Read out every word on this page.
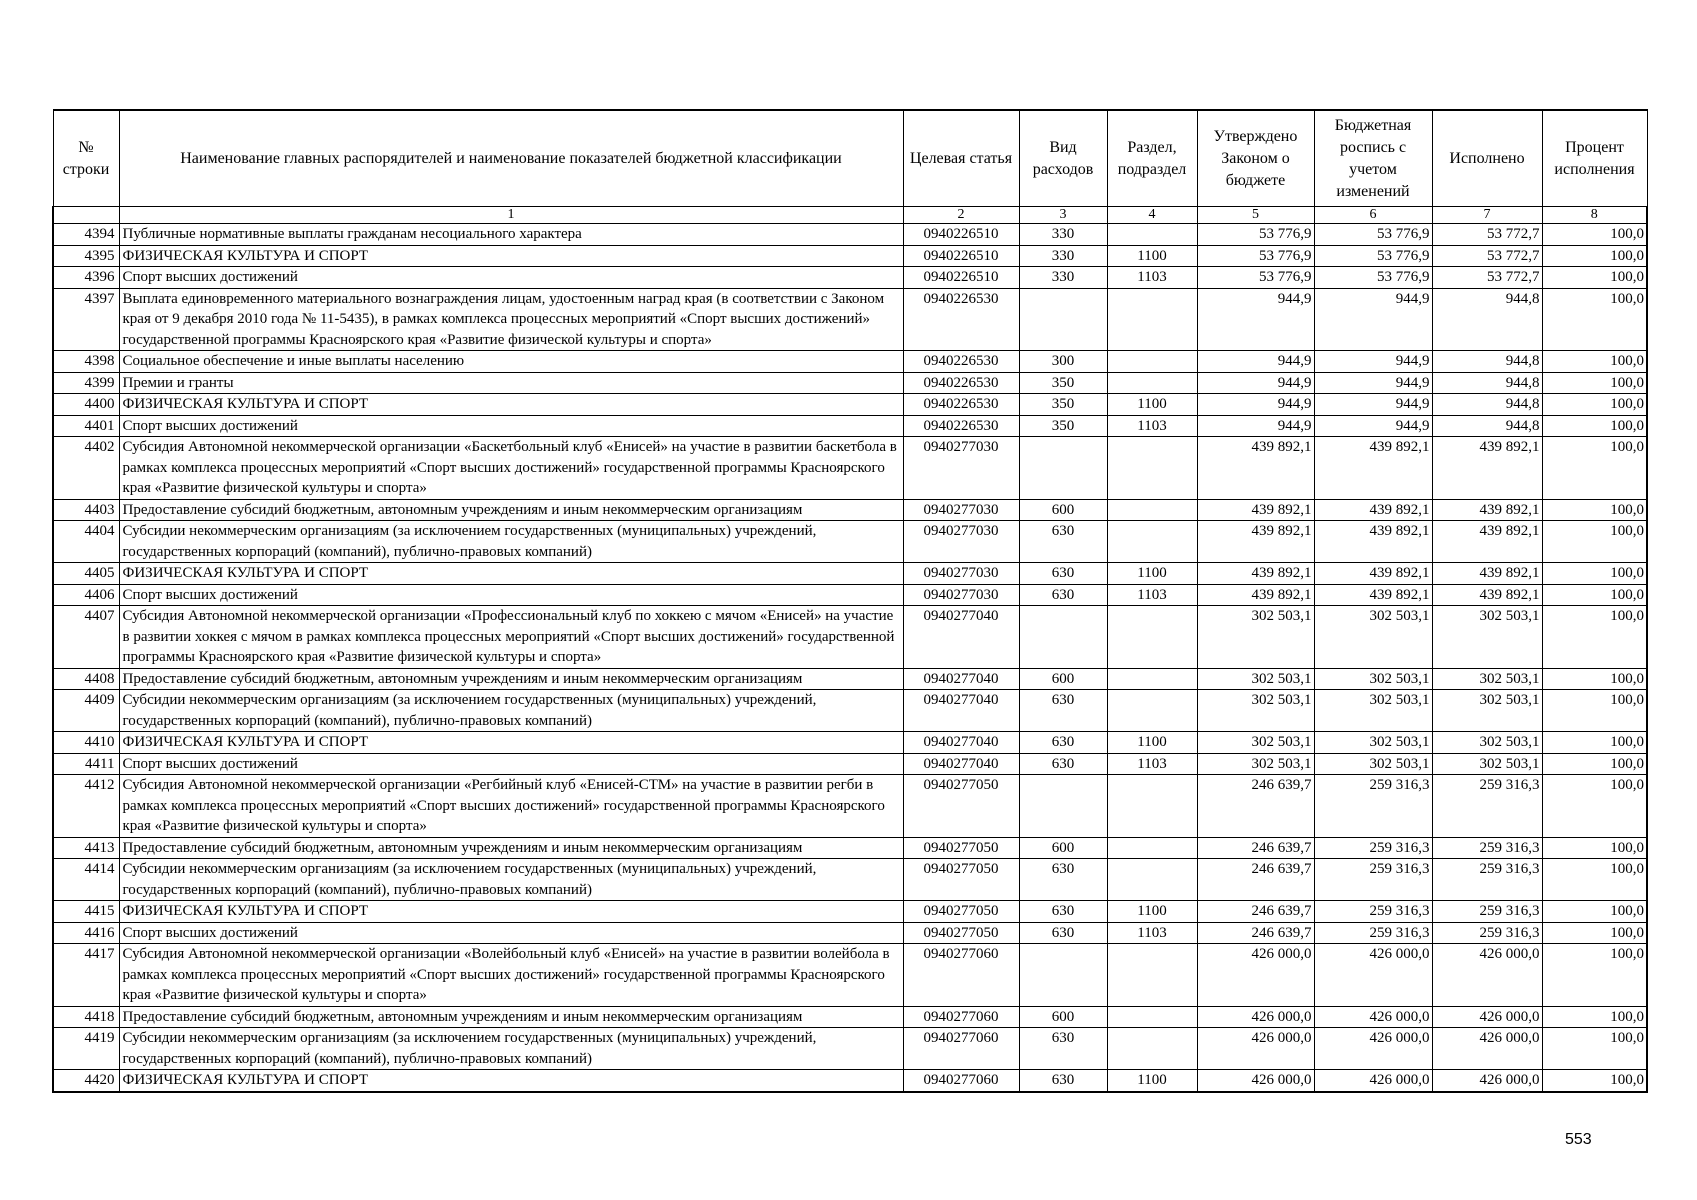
№ строки	Наименование главных распорядителей и наименование показателей бюджетной классификации	Целевая статья	Вид расходов	Раздел, подраздел	Утверждено Законом о бюджете	Бюджетная роспись с учетом изменений	Исполнено	Процент исполнения
	1	2	3	4	5	6	7	8
4394	Публичные нормативные выплаты гражданам несоциального характера	0940226510	330		53 776,9	53 776,9	53 772,7	100,0
4395	ФИЗИЧЕСКАЯ КУЛЬТУРА И СПОРТ	0940226510	330	1100	53 776,9	53 776,9	53 772,7	100,0
4396	Спорт высших достижений	0940226510	330	1103	53 776,9	53 776,9	53 772,7	100,0
4397	Выплата единовременного материального вознаграждения лицам, удостоенным наград края (в соответствии с Законом края от 9 декабря 2010 года № 11-5435), в рамках комплекса процессных мероприятий «Спорт высших достижений» государственной программы Красноярского края «Развитие физической культуры и спорта»	0940226530			944,9	944,9	944,8	100,0
4398	Социальное обеспечение и иные выплаты населению	0940226530	300		944,9	944,9	944,8	100,0
4399	Премии и гранты	0940226530	350		944,9	944,9	944,8	100,0
4400	ФИЗИЧЕСКАЯ КУЛЬТУРА И СПОРТ	0940226530	350	1100	944,9	944,9	944,8	100,0
4401	Спорт высших достижений	0940226530	350	1103	944,9	944,9	944,8	100,0
4402	Субсидия Автономной некоммерческой организации «Баскетбольный клуб «Енисей» на участие в развитии баскетбола в рамках комплекса процессных мероприятий «Спорт высших достижений» государственной программы Красноярского края «Развитие физической культуры и спорта»	0940277030			439 892,1	439 892,1	439 892,1	100,0
4403	Предоставление субсидий бюджетным, автономным учреждениям и иным некоммерческим организациям	0940277030	600		439 892,1	439 892,1	439 892,1	100,0
4404	Субсидии некоммерческим организациям (за исключением государственных (муниципальных) учреждений, государственных корпораций (компаний), публично-правовых компаний)	0940277030	630		439 892,1	439 892,1	439 892,1	100,0
4405	ФИЗИЧЕСКАЯ КУЛЬТУРА И СПОРТ	0940277030	630	1100	439 892,1	439 892,1	439 892,1	100,0
4406	Спорт высших достижений	0940277030	630	1103	439 892,1	439 892,1	439 892,1	100,0
4407	Субсидия Автономной некоммерческой организации «Профессиональный клуб по хоккею с мячом «Енисей» на участие в развитии хоккея с мячом в рамках комплекса процессных мероприятий «Спорт высших достижений» государственной программы Красноярского края «Развитие физической культуры и спорта»	0940277040			302 503,1	302 503,1	302 503,1	100,0
4408	Предоставление субсидий бюджетным, автономным учреждениям и иным некоммерческим организациям	0940277040	600		302 503,1	302 503,1	302 503,1	100,0
4409	Субсидии некоммерческим организациям (за исключением государственных (муниципальных) учреждений, государственных корпораций (компаний), публично-правовых компаний)	0940277040	630		302 503,1	302 503,1	302 503,1	100,0
4410	ФИЗИЧЕСКАЯ КУЛЬТУРА И СПОРТ	0940277040	630	1100	302 503,1	302 503,1	302 503,1	100,0
4411	Спорт высших достижений	0940277040	630	1103	302 503,1	302 503,1	302 503,1	100,0
4412	Субсидия Автономной некоммерческой организации «Регбийный клуб «Енисей-СТМ» на участие в развитии регби в рамках комплекса процессных мероприятий «Спорт высших достижений» государственной программы Красноярского края «Развитие физической культуры и спорта»	0940277050			246 639,7	259 316,3	259 316,3	100,0
4413	Предоставление субсидий бюджетным, автономным учреждениям и иным некоммерческим организациям	0940277050	600		246 639,7	259 316,3	259 316,3	100,0
4414	Субсидии некоммерческим организациям (за исключением государственных (муниципальных) учреждений, государственных корпораций (компаний), публично-правовых компаний)	0940277050	630		246 639,7	259 316,3	259 316,3	100,0
4415	ФИЗИЧЕСКАЯ КУЛЬТУРА И СПОРТ	0940277050	630	1100	246 639,7	259 316,3	259 316,3	100,0
4416	Спорт высших достижений	0940277050	630	1103	246 639,7	259 316,3	259 316,3	100,0
4417	Субсидия Автономной некоммерческой организации «Волейбольный клуб «Енисей» на участие в развитии волейбола в рамках комплекса процессных мероприятий «Спорт высших достижений» государственной программы Красноярского края «Развитие физической культуры и спорта»	0940277060			426 000,0	426 000,0	426 000,0	100,0
4418	Предоставление субсидий бюджетным, автономным учреждениям и иным некоммерческим организациям	0940277060	600		426 000,0	426 000,0	426 000,0	100,0
4419	Субсидии некоммерческим организациям (за исключением государственных (муниципальных) учреждений, государственных корпораций (компаний), публично-правовых компаний)	0940277060	630		426 000,0	426 000,0	426 000,0	100,0
4420	ФИЗИЧЕСКАЯ КУЛЬТУРА И СПОРТ	0940277060	630	1100	426 000,0	426 000,0	426 000,0	100,0
553
